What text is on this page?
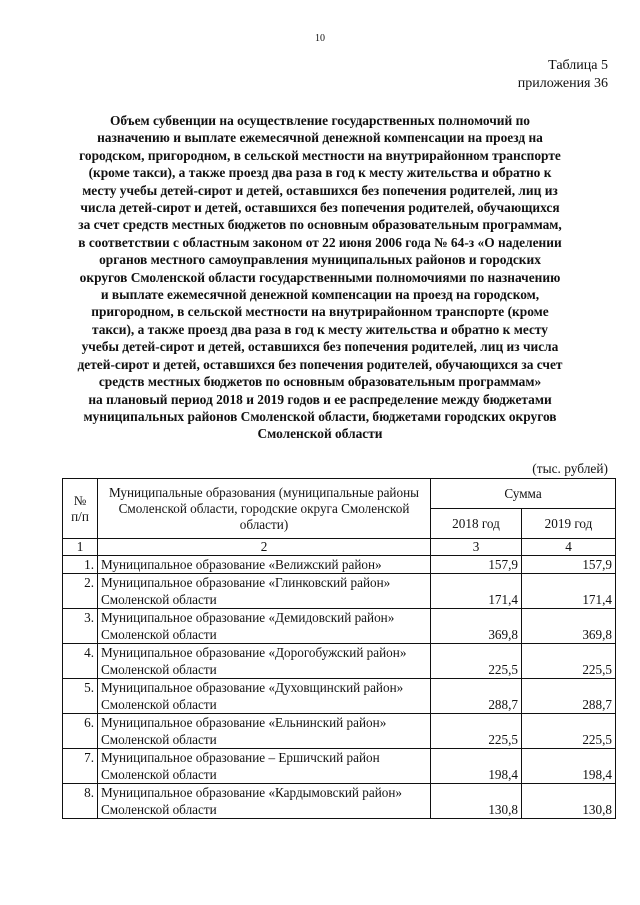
10
Таблица 5
приложения 36
Объем субвенции на осуществление государственных полномочий по
назначению и выплате ежемесячной денежной компенсации на проезд на
городском, пригородном, в сельской местности на внутрирайонном транспорте
(кроме такси), а также проезд два раза в год к месту жительства и обратно к
месту учебы детей-сирот и детей, оставшихся без попечения родителей, лиц из
числа детей-сирот и детей, оставшихся без попечения родителей, обучающихся
за счет средств местных бюджетов по основным образовательным программам,
в соответствии с областным законом от 22 июня 2006 года № 64-з «О наделении
органов местного самоуправления муниципальных районов и городских
округов Смоленской области государственными полномочиями по назначению
и выплате ежемесячной денежной компенсации на проезд на городском,
пригородном, в сельской местности на внутрирайонном транспорте (кроме
такси), а также проезд два раза в год к месту жительства и обратно к месту
учебы детей-сирот и детей, оставшихся без попечения родителей, лиц из числа
детей-сирот и детей, оставшихся без попечения родителей, обучающихся за счет
средств местных бюджетов по основным образовательным программам»
на плановый период 2018 и 2019 годов и ее распределение между бюджетами
муниципальных районов Смоленской области, бюджетами городских округов
Смоленской области
(тыс. рублей)
№
п/п	Муниципальные образования (муниципальные районы Смоленской области, городские округа Смоленской области)	Сумма	
		2018 год	2019 год
1	2	3	4
1.	Муниципальное образование «Велижский район»	157,9	157,9
2.	Муниципальное образование «Глинковский район» Смоленской области	171,4	171,4
3.	Муниципальное образование «Демидовский район» Смоленской области	369,8	369,8
4.	Муниципальное образование «Дорогобужский район» Смоленской области	225,5	225,5
5.	Муниципальное образование «Духовщинский район» Смоленской области	288,7	288,7
6.	Муниципальное образование «Ельнинский район» Смоленской области	225,5	225,5
7.	Муниципальное образование – Ершичский район Смоленской области	198,4	198,4
8.	Муниципальное образование «Кардымовский район» Смоленской области	130,8	130,8
